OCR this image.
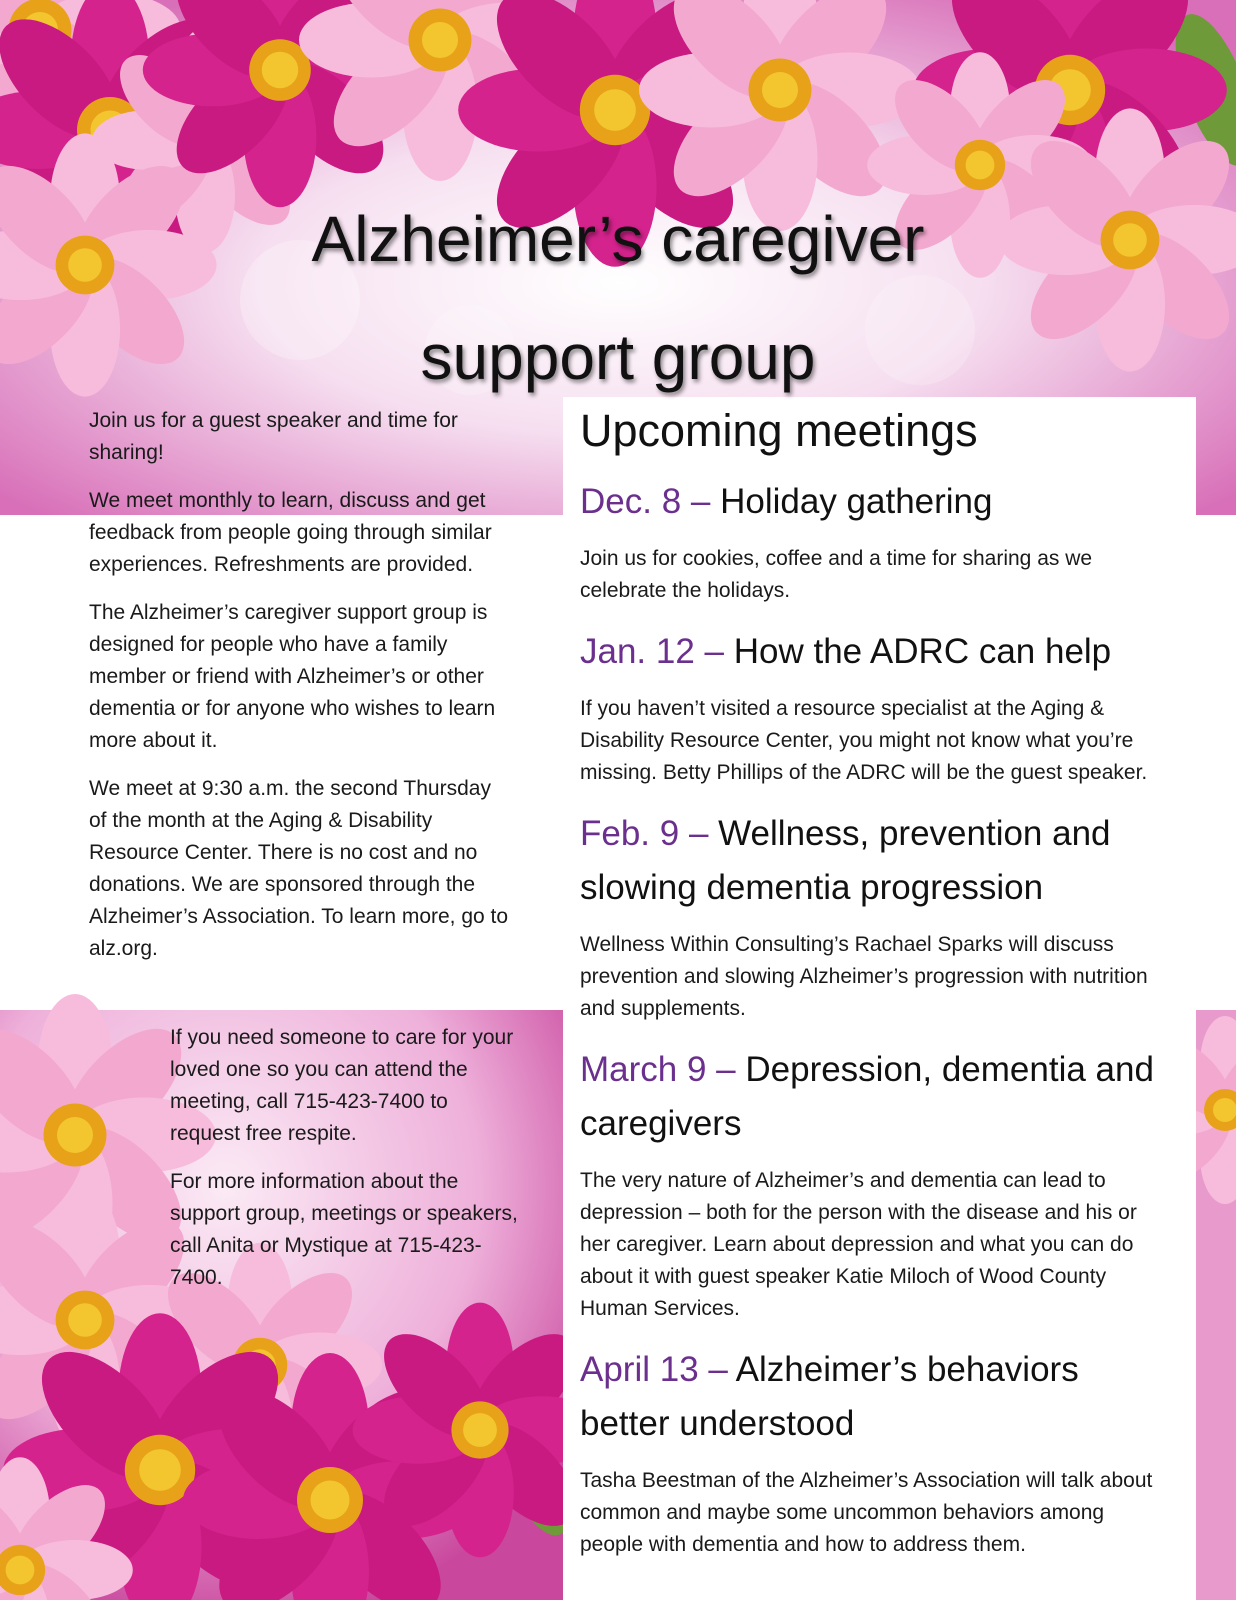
Alzheimer’s caregiver
support group

Join us for a guest speaker and time for sharing!

We meet monthly to learn, discuss and get feedback from people going through similar experiences. Refreshments are provided.

The Alzheimer’s caregiver support group is designed for people who have a family member or friend with Alzheimer’s or other dementia or for anyone who wishes to learn more about it.

We meet at 9:30 a.m. the second Thursday of the month at the Aging & Disability Resource Center. There is no cost and no donations. We are sponsored through the Alzheimer’s Association. To learn more, go to alz.org.

If you need someone to care for your loved one so you can attend the meeting, call 715-423-7400 to request free respite.

For more information about the support group, meetings or speakers, call Anita or Mystique at 715-423-7400.

Upcoming meetings
Dec. 8 – Holiday gathering

Join us for cookies, coffee and a time for sharing as we celebrate the holidays.

Jan. 12 – How the ADRC can help

If you haven’t visited a resource specialist at the Aging & Disability Resource Center, you might not know what you’re missing. Betty Phillips of the ADRC will be the guest speaker.

Feb. 9 – Wellness, prevention and slowing dementia progression

Wellness Within Consulting’s Rachael Sparks will discuss prevention and slowing Alzheimer’s progression with nutrition and supplements.

March 9 – Depression, dementia and caregivers

The very nature of Alzheimer’s and dementia can lead to depression – both for the person with the disease and his or her caregiver. Learn about depression and what you can do about it with guest speaker Katie Miloch of Wood County Human Services.

April 13 – Alzheimer’s behaviors better understood

Tasha Beestman of the Alzheimer’s Association will talk about common and maybe some uncommon behaviors among people with dementia and how to address them.
